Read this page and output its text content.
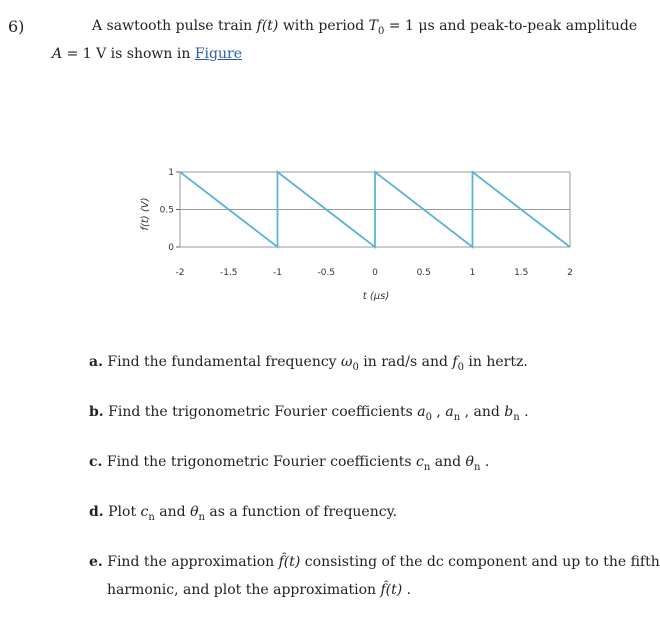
6)	A sawtooth pulse train f(t) with period $T_0 = 1$ μs and peak-to-peak amplitude
A = 1 V is shown in Figure
-2	-1.5	-1	-0.5	0	0.5	1	1.5	2
0
0.5
1
t (μs)
f(t) (V)
a. Find the fundamental frequency $\omega_0$ in rad/s and $f_0$ in hertz.
b. Find the trigonometric Fourier coefficients $a_0$ , $a_n$ , and $b_n$ .
c. Find the trigonometric Fourier coefficients $c_n$ and $\theta_n$ .
d. Plot $c_n$ and $\theta_n$ as a function of frequency.
e. Find the approximation f̂(t) consisting of the dc component and up to the fifth
harmonic, and plot the approximation f̂(t) .
